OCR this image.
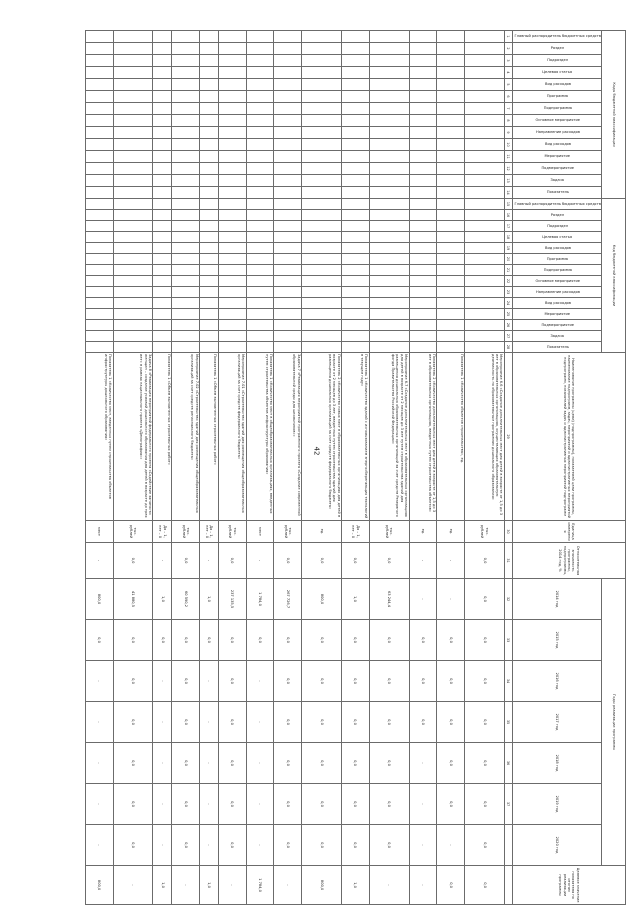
42
Коды бюджетной классификации														Код бюджетной классификации														Наименование программы (цели) (подпрограммы), показателей цели программы, наименование подпрограмм, задач, мероприятий и административных мероприятий подпрограмм, показателей задач и административных мероприятий подпрограмм	Единица измерения	Относительная значимость программы, подпрограммы, 2014 год, %	Годы реализации программы							Целевое значение показателя по итогам реализации программы
Главный распорядитель бюджетных средств	Раздел	Подраздел	Целевая статья	Вид расходов	Программа	Подпрограмма	Основное мероприятие	Направление расходов	Вид расходов	Мероприятие	Подмероприятие	Задача	Показатель	Главный распорядитель бюджетных средств	Раздел	Подраздел	Целевая статья	Вид расходов	Программа	Подпрограмма	Основное мероприятие	Направление расходов	Вид расходов	Мероприятие	Подмероприятие	Задача	Показатель				2014 год	2015 год	2016 год	2017 год	2018 год	2019 год	2020 год	
1	2	3	4	5	6	7	8	9	10	11	12	13	14	15	16	17	18	19	20	21	22	23	24	25	26	27	28	29	30	31	32	33	34	35	36	37		
																												Мероприятие 6.6 «Создание дополнительных мест для детей в возрасте от 1,5 до 3 лет в образовательных организациях, осуществляющих образовательную деятельность по образовательным программам дошкольного образования»	тыс. рублей	0,0	0,0	0,0	0,0	0,0	0,0	0,0	0,0	0,0
																												Показатель 1 «Количество объектов строительства», ед.	ед.	-	-	0,0	0,0	0,0	0,0	0,0	-	0,0
																												Показатель 2 «Количество дополнительных мест для детей в возрасте от 1,5 до 3 лет в образовательных организациях, введенных путем строительства объектов»	ед.	-	-	0,0	0,0	0,0	-	-	-	-
																												Мероприятие 6.7 «Создание дополнительных мест в образовательных организациях для детей в возрасте от 2 месяцев до 3 лет путем строительства зданий для размещения дошкольных образовательных организаций за счет средств Резервного фонда Правительства Российской Федерации»	тыс. рублей	0,0	63 244,4	0,0	0,0	0,0	0,0	0,0	0,0	-
																												Показатель 1 «Количество зданий с использованием энергосберегающих технологий в текущем году»	Да – 1, нет – 0	0,0	1,0	0,0	0,0	0,0	0,0	0,0	0,0	1,0
																												Показатель 2 «Количество новых мест в образовательных организациях для детей в возрасте от 2 месяцев до 3 лет, введенных путем строительства зданий для размещения дошкольных организаций за счет средств федерального бюджета»	ед.	0,0	800,0	0,0	0,0	0,0	0,0	0,0	0,0	800,0
																												Задача 7 «Реализация мероприятий программного проекта «Создание современной образовательной среды для школьников»»	тыс. рублей	0,0	267 726,7	0,0	0,0	0,0	0,0	0,0	0,0	-
																												Показатель 1 «Количество мест в общеобразовательных организациях, введенных путем строительства объектов инфраструктуры образования»	мест	-	1 784,0	0,0	-	-	-	-	-	1 784,0
																												Мероприятие 7.01 «Строительство зданий для размещения общеобразовательных организаций за счет средств федерального бюджета»	тыс. рублей	0,0	237 135,5	0,0	0,0	0,0	0,0	0,0	0,0	-
																												Показатель 1 «Объем выполненных строительных работ»	Да – 1, нет – 0	-	1,0	0,0	-	-	-	-	-	1,0
																												Мероприятие 7.02 «Строительство зданий для размещения общеобразовательных организаций за счет средств регионального бюджета»	тыс. рублей	0,0	60 590,2	0,0	0,0	0,0	0,0	0,0	0,0	-
																												Показатель 1 «Объем выполненных строительных работ»	Да – 1, нет – 0	-	1,0	0,0	-	-	-	-	-	1,0
																												Задача 8 «Реализация мероприятий федерального проекта «Содействие занятости женщин – создание условий дошкольного образования для детей в возрасте до трех лет» в рамках национального проекта «Демография»»	тыс. рублей	0,0	41 880,5	0,0	0,0	0,0	0,0	0,0	0,0	-
																												Показатель 1 «Количество мест, введенных путем строительства объектов инфраструктуры дошкольного образования»	мест	-	800,0	0,0	-	-	-	-	-	800,0
